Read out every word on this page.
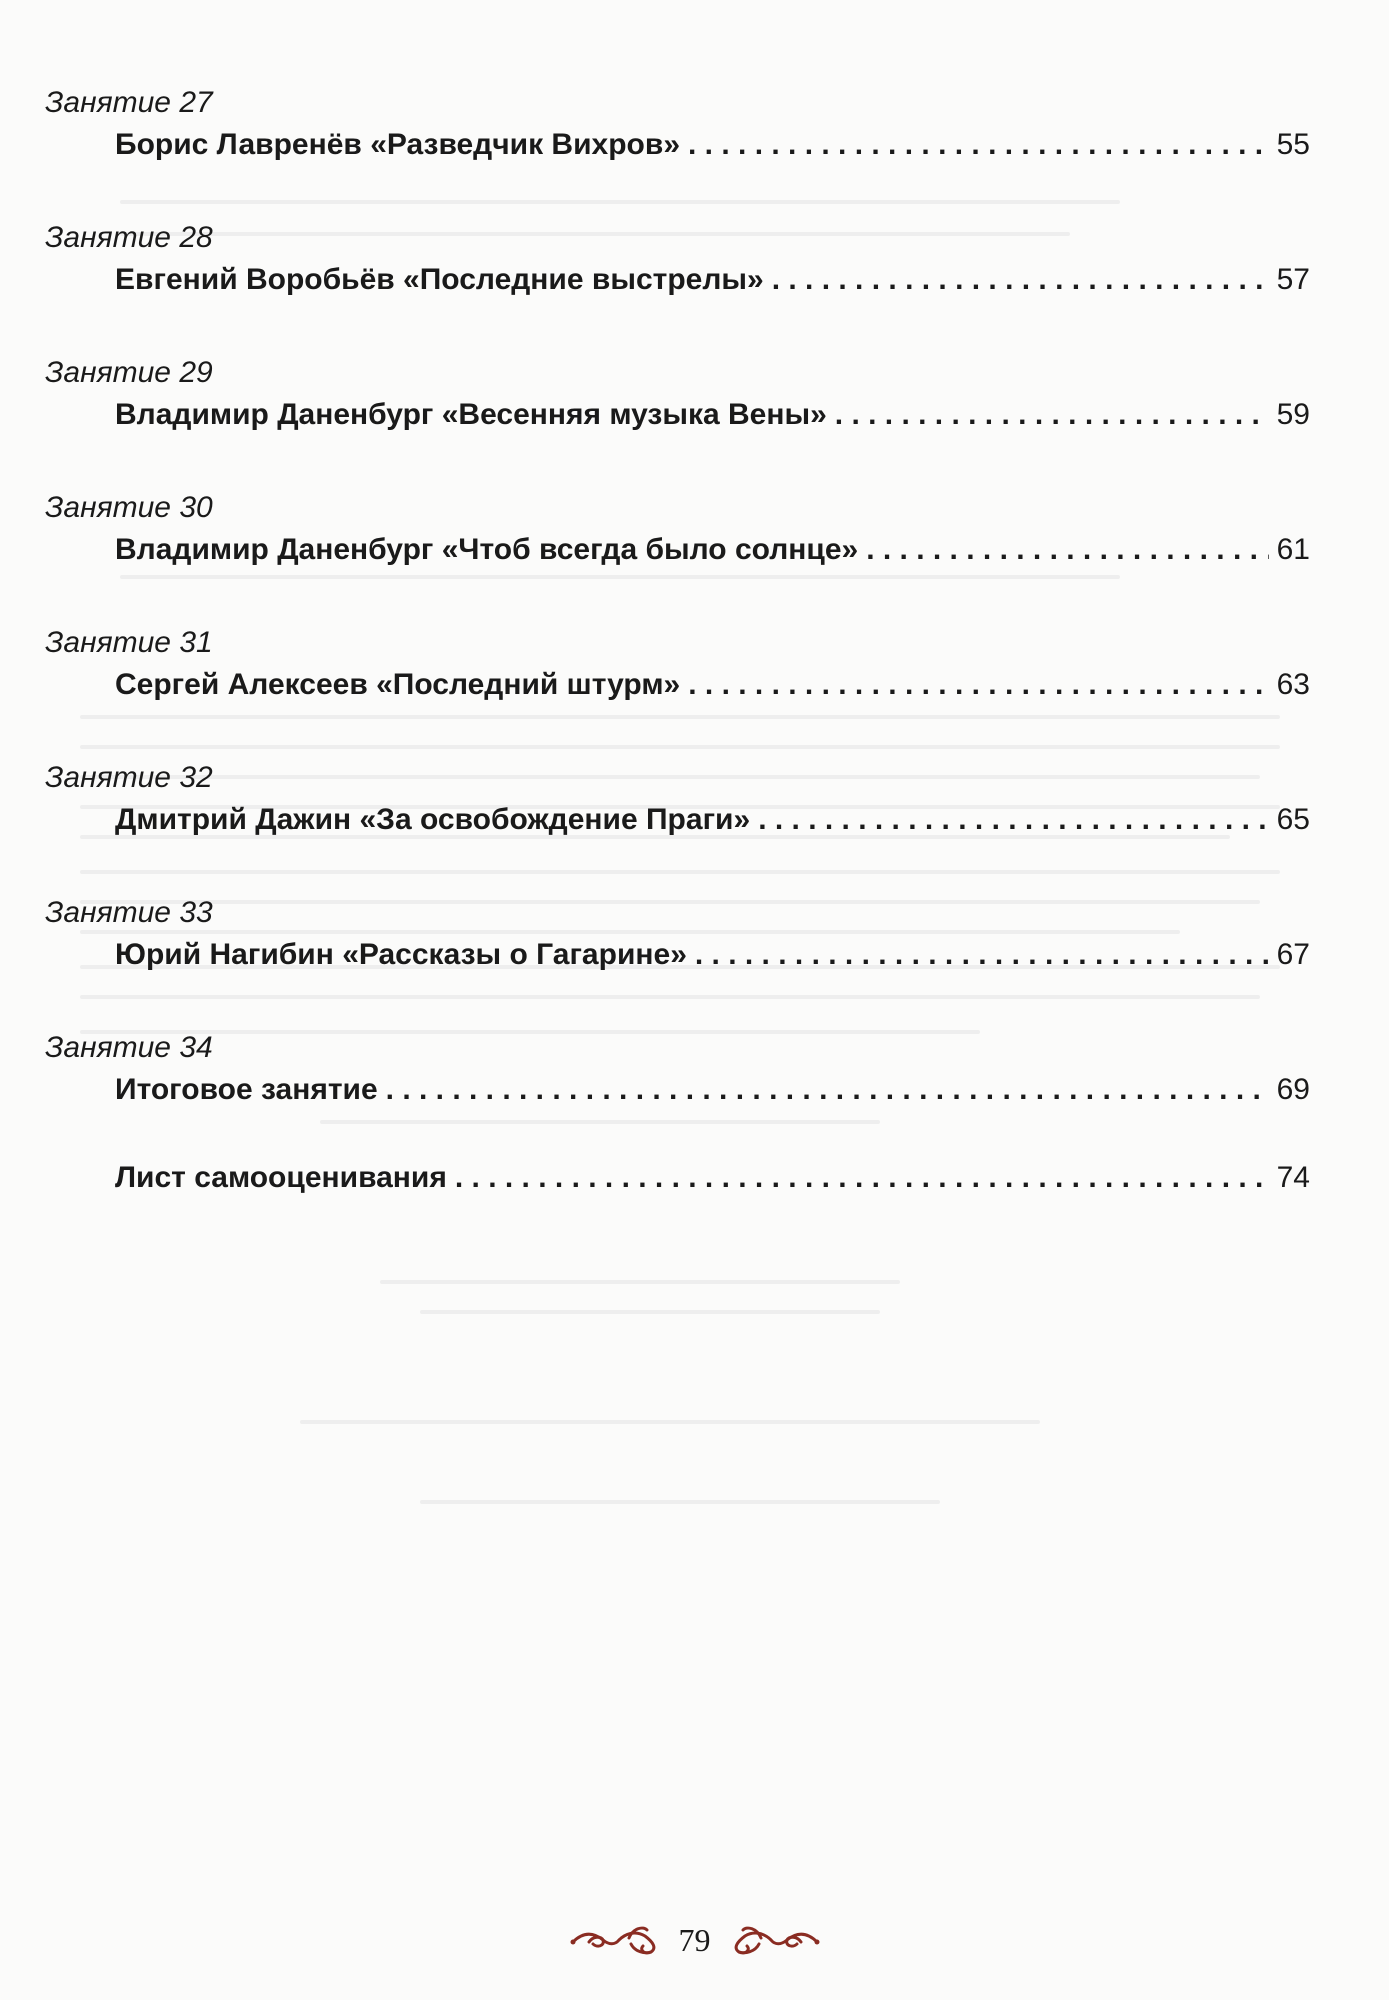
Занятие 27
Борис Лавренёв «Разведчик Вихров» . . .	55
Занятие 28
Евгений Воробьёв «Последние выстрелы» . . .	57
Занятие 29
Владимир Даненбург «Весенняя музыка Вены» . . .	59
Занятие 30
Владимир Даненбург «Чтоб всегда было солнце» . . .	61
Занятие 31
Сергей Алексеев «Последний штурм» . . .	63
Занятие 32
Дмитрий Дажин «За освобождение Праги» . . .	65
Занятие 33
Юрий Нагибин «Рассказы о Гагарине» . . .	67
Занятие 34
Итоговое занятие . . .	69
Лист самооценивания . . .	74
79
